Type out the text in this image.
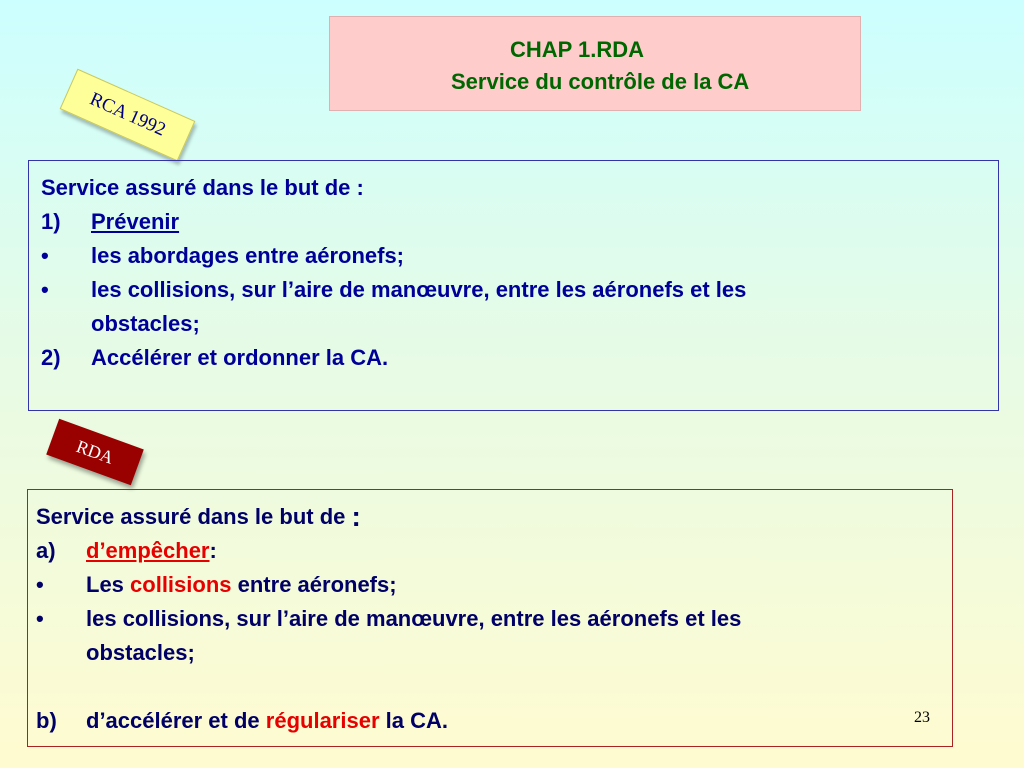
CHAP 1.RDA
Service du contrôle de la CA
RCA 1992
Service assuré dans le but de :
1)	Prévenir
•	les abordages entre aéronefs;
•	les collisions, sur l’aire de manœuvre, entre les aéronefs et les
obstacles;
2)	Accélérer et ordonner la CA.
RDA
Service assuré dans le but de
:
a)	d’empêcher :
•	Les collisions entre aéronefs;
•	les collisions, sur l’aire de manœuvre, entre les aéronefs et les
obstacles;
b)	d’accélérer et de régulariser la CA.	23
